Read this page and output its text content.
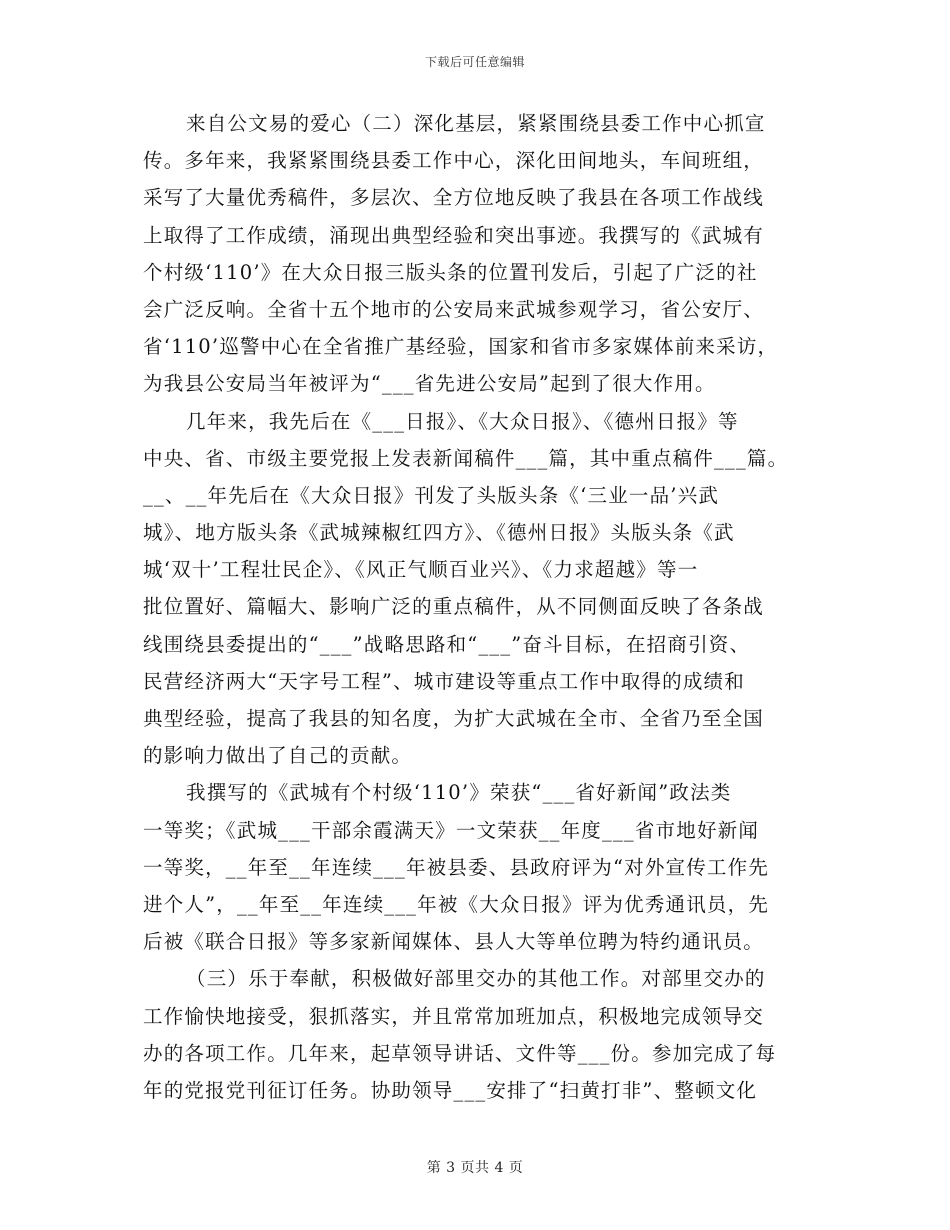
下载后可任意编辑
来自公文易的爱心（二）深化基层，紧紧围绕县委工作中心抓宣
传。多年来，我紧紧围绕县委工作中心，深化田间地头，车间班组，
采写了大量优秀稿件，多层次、全方位地反映了我县在各项工作战线
上取得了工作成绩，涌现出典型经验和突出事迹。我撰写的《武城有
个村级‘110’》在大众日报三版头条的位置刊发后，引起了广泛的社
会广泛反响。全省十五个地市的公安局来武城参观学习，省公安厅、
省‘110’巡警中心在全省推广基经验，国家和省市多家媒体前来采访，
为我县公安局当年被评为“___省先进公安局”起到了很大作用。
几年来，我先后在《___日报》、《大众日报》、《德州日报》等
中央、省、市级主要党报上发表新闻稿件___篇，其中重点稿件___篇。
__、__年先后在《大众日报》刊发了头版头条《‘三业一品’兴武
城》、地方版头条《武城辣椒红四方》、《德州日报》头版头条《武
城‘双十’工程壮民企》、《风正气顺百业兴》、《力求超越》等一
批位置好、篇幅大、影响广泛的重点稿件，从不同侧面反映了各条战
线围绕县委提出的“___”战略思路和“___”奋斗目标，在招商引资、
民营经济两大“天字号工程”、城市建设等重点工作中取得的成绩和
典型经验，提高了我县的知名度，为扩大武城在全市、全省乃至全国
的影响力做出了自己的贡献。
我撰写的《武城有个村级‘110’》荣获“___省好新闻”政法类
一等奖；《武城___干部余霞满天》一文荣获__年度___省市地好新闻
一等奖，__年至__年连续___年被县委、县政府评为“对外宣传工作先
进个人”，__年至__年连续___年被《大众日报》评为优秀通讯员，先
后被《联合日报》等多家新闻媒体、县人大等单位聘为特约通讯员。
（三）乐于奉献，积极做好部里交办的其他工作。对部里交办的
工作愉快地接受，狠抓落实，并且常常加班加点，积极地完成领导交
办的各项工作。几年来，起草领导讲话、文件等___份。参加完成了每
年的党报党刊征订任务。协助领导___安排了“扫黄打非”、整顿文化
第 3 页共 4 页
